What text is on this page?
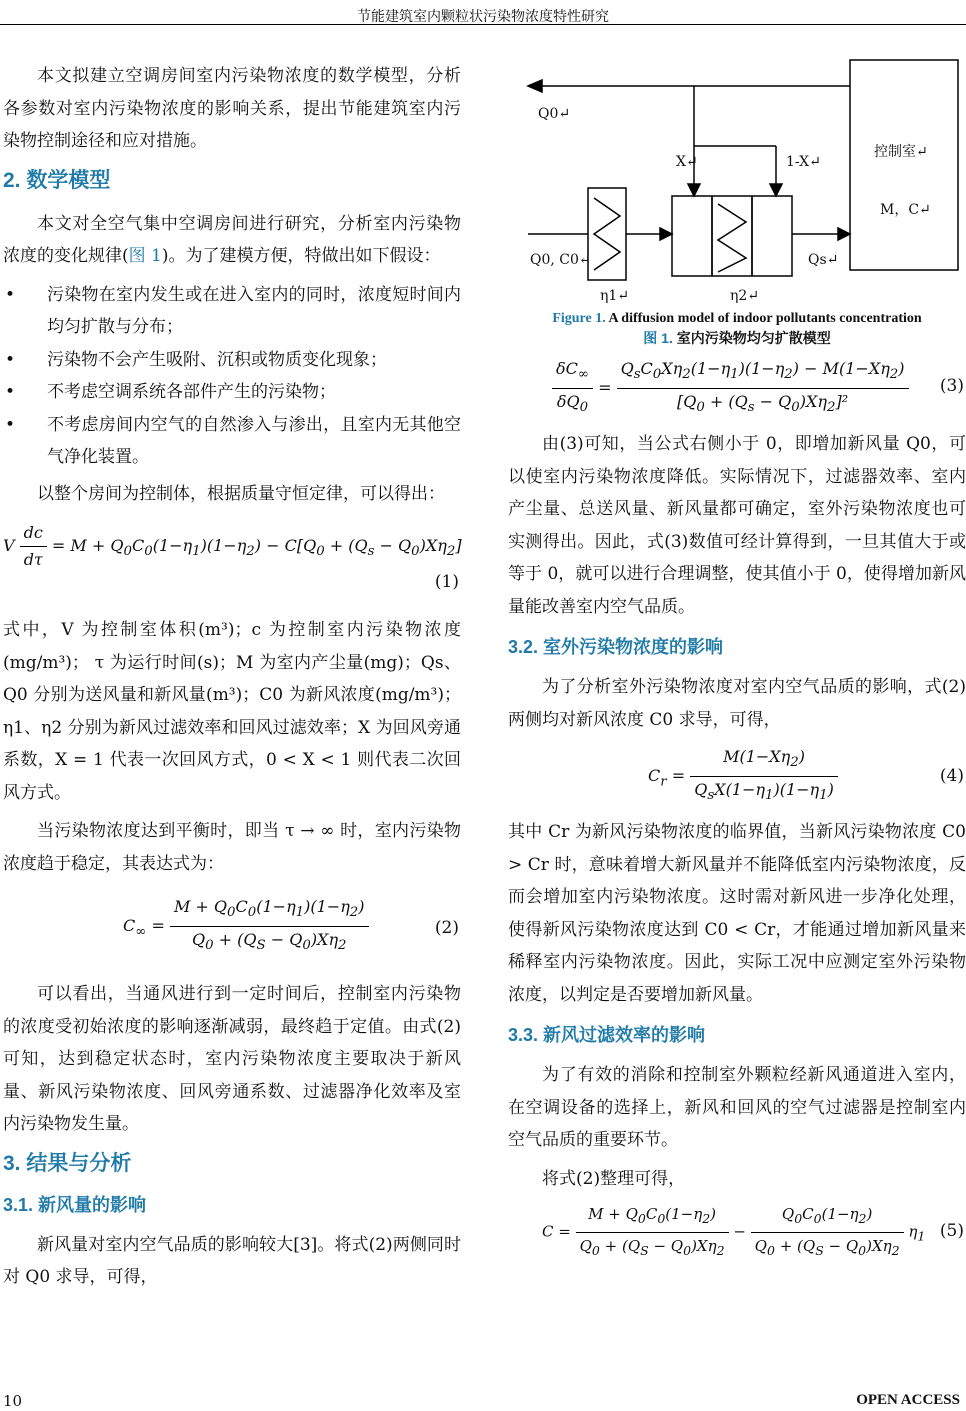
节能建筑室内颗粒状污染物浓度特性研究

本文拟建立空调房间室内污染物浓度的数学模型，分析各参数对室内污染物浓度的影响关系，提出节能建筑室内污染物控制途径和应对措施。

2. 数学模型

本文对全空气集中空调房间进行研究，分析室内污染物浓度的变化规律(图 1)。为了建模方便，特做出如下假设：

• 污染物在室内发生或在进入室内的同时，浓度短时间内均匀扩散与分布；
• 污染物不会产生吸附、沉积或物质变化现象；
• 不考虑空调系统各部件产生的污染物；
• 不考虑房间内空气的自然渗入与渗出，且室内无其他空气净化装置。

以整个房间为控制体，根据质量守恒定律，可以得出：

V $\frac{dc}{d\tau} = M + Q_0C_0(1-\eta_1)(1-\eta_2) - C[Q_0 + (Q_s - Q_0)X\eta_2]$
(1)

式中，V 为控制室体积(m³)；c 为控制室内污染物浓度(mg/m³)； τ 为运行时间(s)；M 为室内产尘量(mg)；Qs、Q0 分别为送风量和新风量(m³)；C0 为新风浓度(mg/m³)；η1、η2 分别为新风过滤效率和回风过滤效率；X 为回风旁通系数，X = 1 代表一次回风方式，0 < X < 1 则代表二次回风方式。

当污染物浓度达到平衡时，即当 τ → ∞ 时，室内污染物浓度趋于稳定，其表达式为：

$C_\infty = \frac{M + Q_0C_0(1-\eta_1)(1-\eta_2)}{Q_0 + (Q_S - Q_0)X\eta_2}$	(2)

可以看出，当通风进行到一定时间后，控制室内污染物的浓度受初始浓度的影响逐渐减弱，最终趋于定值。由式(2)可知，达到稳定状态时，室内污染物浓度主要取决于新风量、新风污染物浓度、回风旁通系数、过滤器净化效率及室内污染物发生量。

3. 结果与分析
3.1. 新风量的影响

新风量对室内空气品质的影响较大[3]。将式(2)两侧同时对 Q0 求导，可得，

Q0↵
X↵	1-X↵
控制室↵
M，C↵
Q0, C0↵	Qs↵
η1↵	η2↵
Figure 1. A diffusion model of indoor pollutants concentration
图 1. 室内污染物均匀扩散模型
$\frac{\delta C_\infty}{\delta Q_0}$ =
$Q_sC_0X\eta_2(1-\eta_1)(1-\eta_2) - M(1-X\eta_2)$
$[Q_0 + (Q_s - Q_0)X\eta_2]^2$
(3)

由(3)可知，当公式右侧小于 0，即增加新风量 Q0，可以使室内污染物浓度降低。实际情况下，过滤器效率、室内产尘量、总送风量、新风量都可确定，室外污染物浓度也可实测得出。因此，式(3)数值可经计算得到，一旦其值大于或等于 0，就可以进行合理调整，使其值小于 0，使得增加新风量能改善室内空气品质。

3.2. 室外污染物浓度的影响

为了分析室外污染物浓度对室内空气品质的影响，式(2)两侧均对新风浓度 C0 求导，可得，

$C_r$ =
$M(1-X\eta_2)$
$Q_sX(1-\eta_1)(1-\eta_1)$
(4)

其中 Cr 为新风污染物浓度的临界值，当新风污染物浓度 C0 > Cr 时，意味着增大新风量并不能降低室内污染物浓度，反而会增加室内污染物浓度。这时需对新风进一步净化处理，使得新风污染物浓度达到 C0 < Cr，才能通过增加新风量来稀释室内污染物浓度。因此，实际工况中应测定室外污染物浓度，以判定是否要增加新风量。

3.3. 新风过滤效率的影响

为了有效的消除和控制室外颗粒经新风通道进入室内，在空调设备的选择上，新风和回风的空气过滤器是控制室内空气品质的重要环节。

将式(2)整理可得，

$C = \frac{M + Q_0C_0(1-\eta_2)}{Q_0 + (Q_S - Q_0)X\eta_2} - \frac{Q_0C_0(1-\eta_2)}{Q_0 + (Q_S - Q_0)X\eta_2} \eta_1$ (5)
10	OPEN ACCESS
